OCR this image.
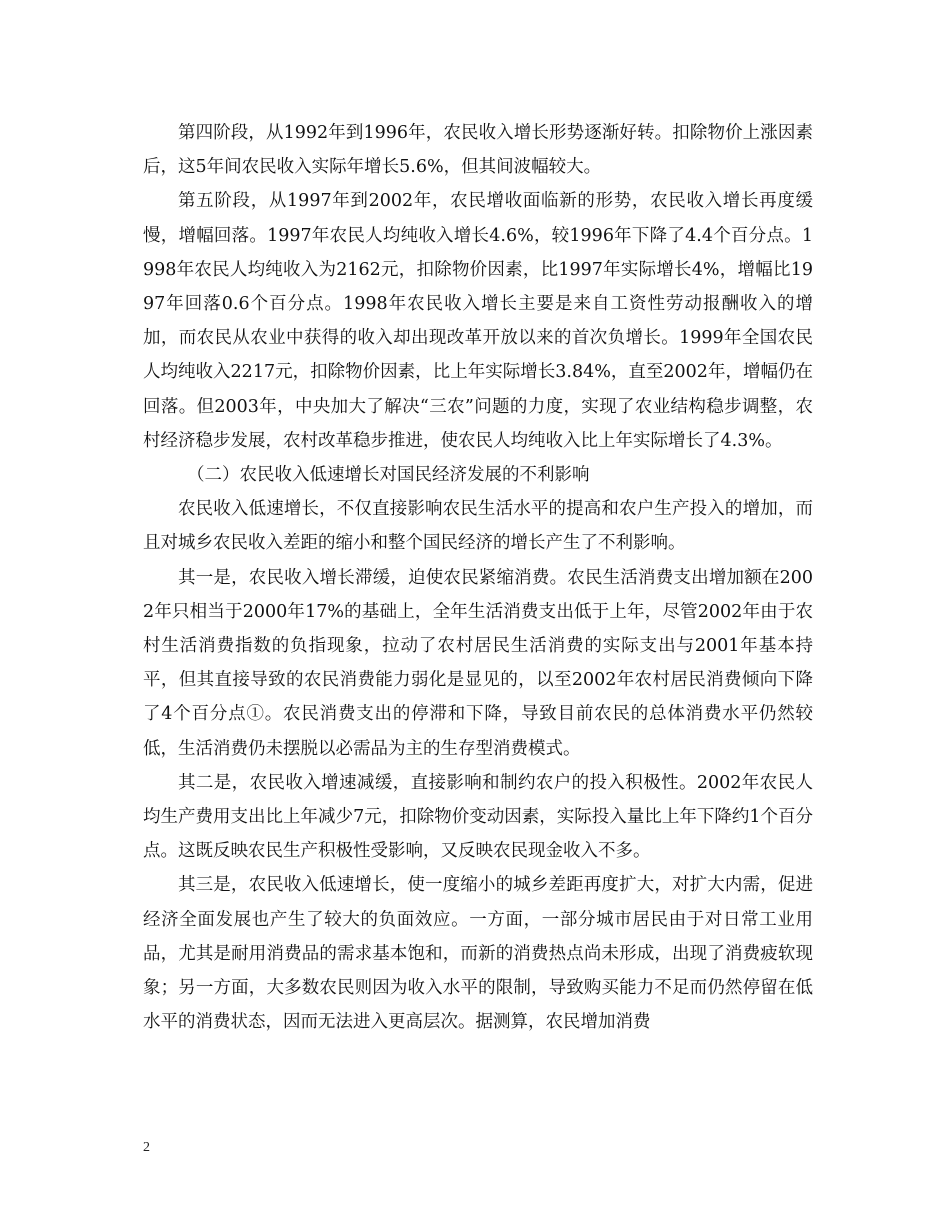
第四阶段，从1992年到1996年，农民收入增长形势逐渐好转。扣除物价上涨因素后，这5年间农民收入实际年增长5.6%，但其间波幅较大。

第五阶段，从1997年到2002年，农民增收面临新的形势，农民收入增长再度缓慢，增幅回落。1997年农民人均纯收入增长4.6%，较1996年下降了4.4个百分点。1998年农民人均纯收入为2162元，扣除物价因素，比1997年实际增长4%，增幅比1997年回落0.6个百分点。1998年农民收入增长主要是来自工资性劳动报酬收入的增加，而农民从农业中获得的收入却出现改革开放以来的首次负增长。1999年全国农民人均纯收入2217元，扣除物价因素，比上年实际增长3.84%，直至2002年，增幅仍在回落。但2003年，中央加大了解决“三农”问题的力度，实现了农业结构稳步调整，农村经济稳步发展，农村改革稳步推进，使农民人均纯收入比上年实际增长了4.3%。

（二）农民收入低速增长对国民经济发展的不利影响

农民收入低速增长，不仅直接影响农民生活水平的提高和农户生产投入的增加，而且对城乡农民收入差距的缩小和整个国民经济的增长产生了不利影响。

其一是，农民收入增长滞缓，迫使农民紧缩消费。农民生活消费支出增加额在2002年只相当于2000年17%的基础上，全年生活消费支出低于上年，尽管2002年由于农村生活消费指数的负指现象，拉动了农村居民生活消费的实际支出与2001年基本持平，但其直接导致的农民消费能力弱化是显见的，以至2002年农村居民消费倾向下降了4个百分点①。农民消费支出的停滞和下降，导致目前农民的总体消费水平仍然较低，生活消费仍未摆脱以必需品为主的生存型消费模式。

其二是，农民收入增速减缓，直接影响和制约农户的投入积极性。2002年农民人均生产费用支出比上年减少7元，扣除物价变动因素，实际投入量比上年下降约1个百分点。这既反映农民生产积极性受影响，又反映农民现金收入不多。

其三是，农民收入低速增长，使一度缩小的城乡差距再度扩大，对扩大内需，促进经济全面发展也产生了较大的负面效应。一方面，一部分城市居民由于对日常工业用品，尤其是耐用消费品的需求基本饱和，而新的消费热点尚未形成，出现了消费疲软现象；另一方面，大多数农民则因为收入水平的限制，导致购买能力不足而仍然停留在低水平的消费状态，因而无法进入更高层次。据测算，农民增加消费

2
